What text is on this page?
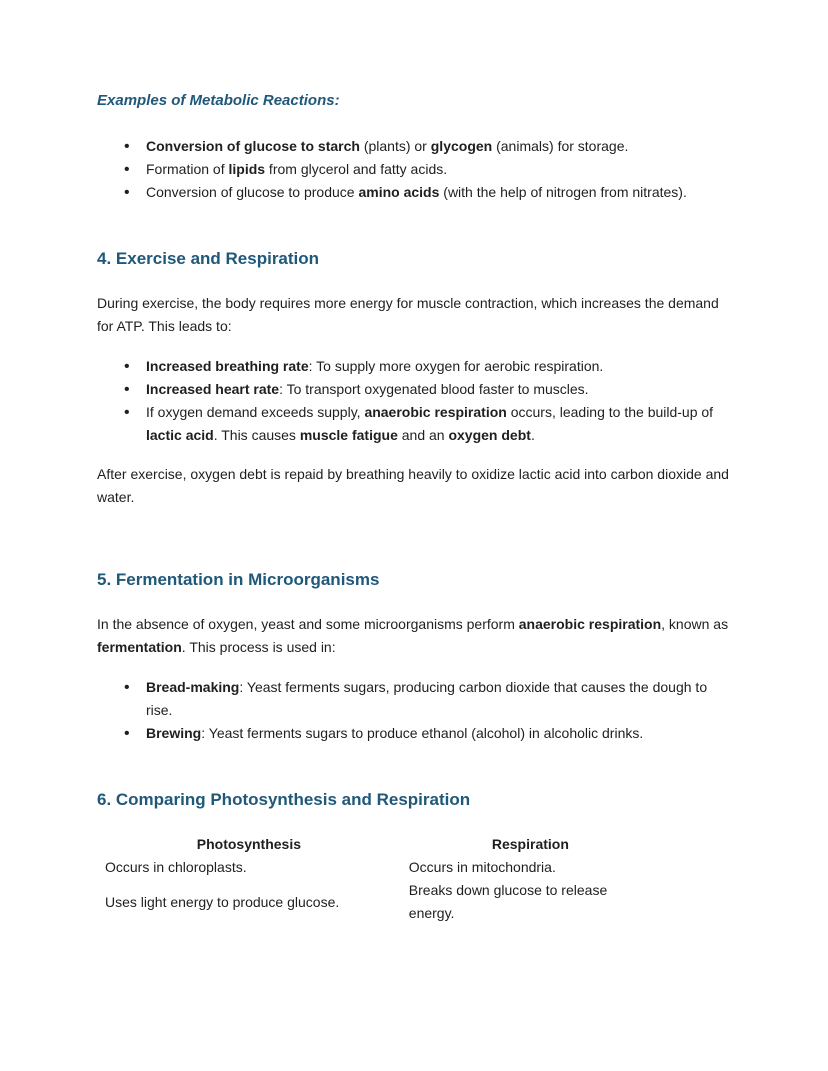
Examples of Metabolic Reactions:
• Conversion of glucose to starch (plants) or glycogen (animals) for storage.
• Formation of lipids from glycerol and fatty acids.
• Conversion of glucose to produce amino acids (with the help of nitrogen from nitrates).
4. Exercise and Respiration

During exercise, the body requires more energy for muscle contraction, which increases the demand for ATP. This leads to:

• Increased breathing rate: To supply more oxygen for aerobic respiration.
• Increased heart rate: To transport oxygenated blood faster to muscles.
• If oxygen demand exceeds supply, anaerobic respiration occurs, leading to the build-up of lactic acid. This causes muscle fatigue and an oxygen debt.

After exercise, oxygen debt is repaid by breathing heavily to oxidize lactic acid into carbon dioxide and water.

5. Fermentation in Microorganisms

In the absence of oxygen, yeast and some microorganisms perform anaerobic respiration, known as fermentation. This process is used in:

• Bread-making: Yeast ferments sugars, producing carbon dioxide that causes the dough to rise.
• Brewing: Yeast ferments sugars to produce ethanol (alcohol) in alcoholic drinks.
6. Comparing Photosynthesis and Respiration
Photosynthesis	Respiration
Occurs in chloroplasts.	Occurs in mitochondria.
Uses light energy to produce glucose.	Breaks down glucose to release energy.
